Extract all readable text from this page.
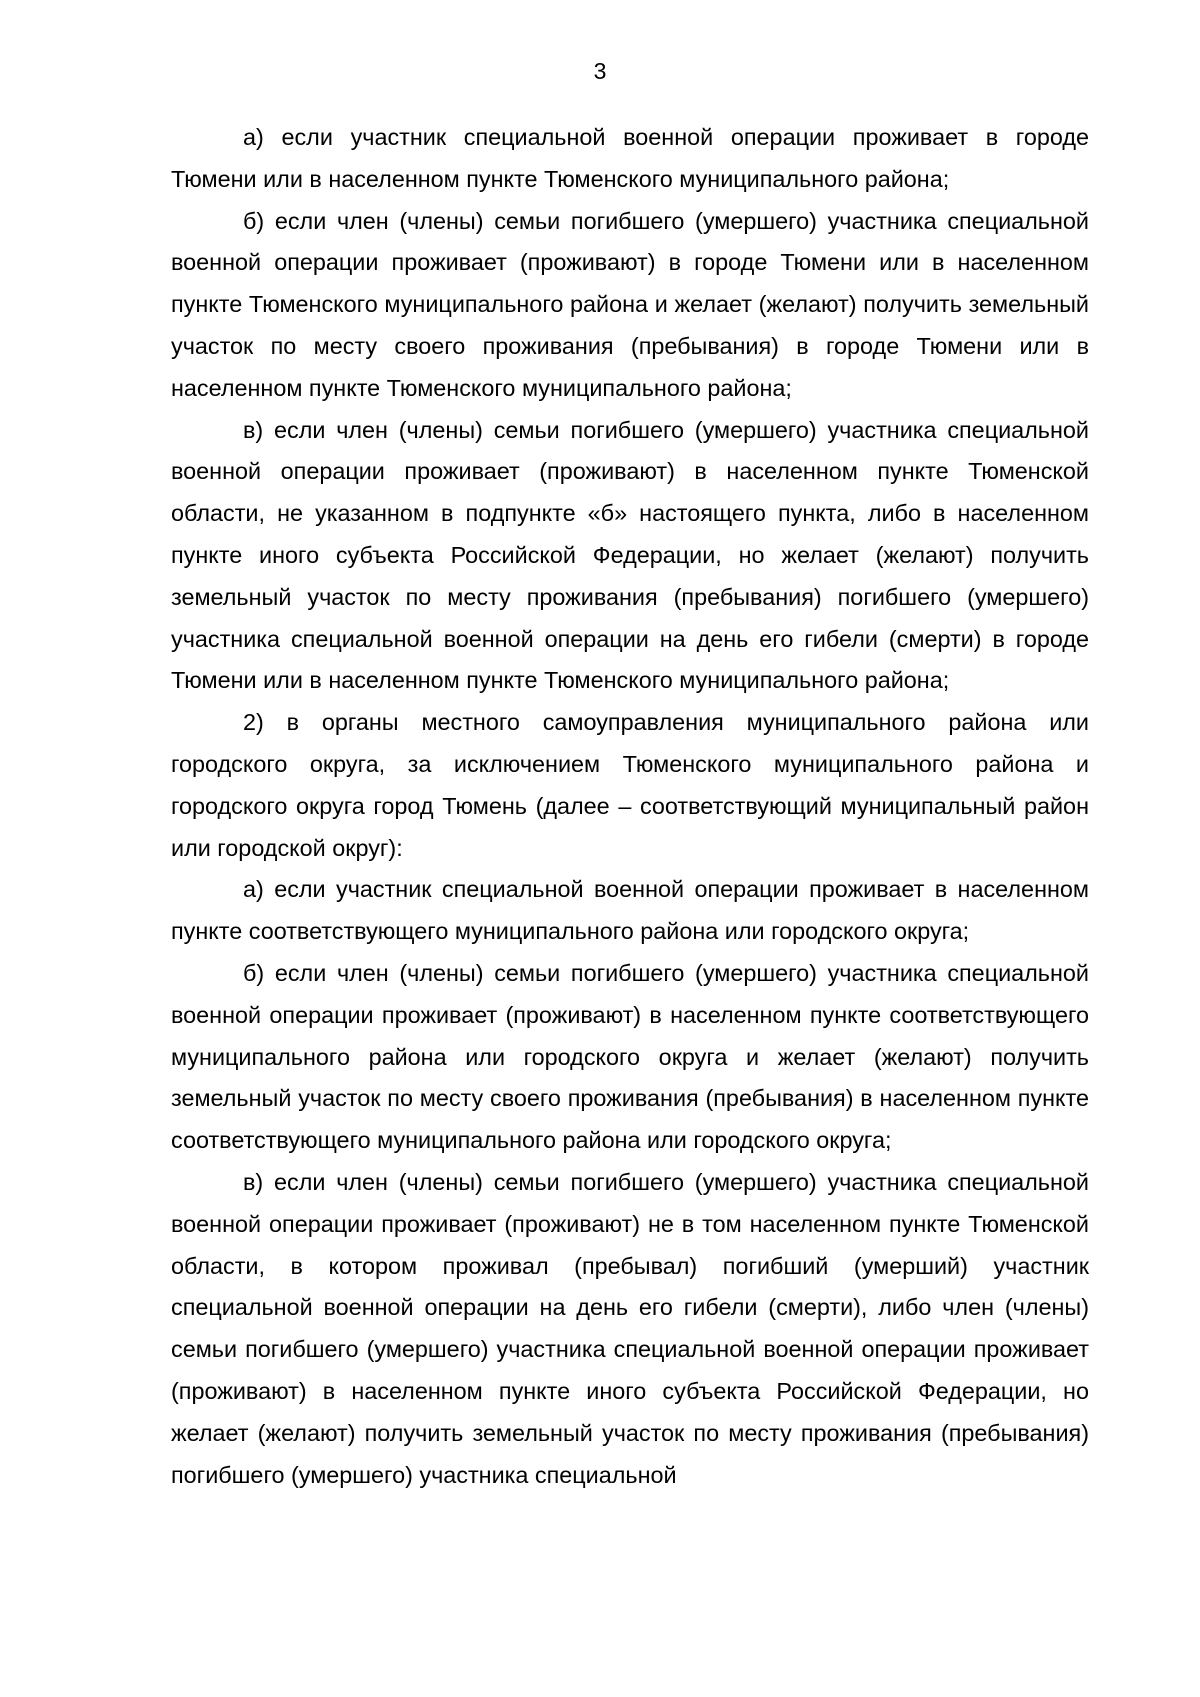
3

а) если участник специальной военной операции проживает в городе Тюмени или в населенном пункте Тюменского муниципального района;

б) если член (члены) семьи погибшего (умершего) участника специальной военной операции проживает (проживают) в городе Тюмени или в населенном пункте Тюменского муниципального района и желает (желают) получить земельный участок по месту своего проживания (пребывания) в городе Тюмени или в населенном пункте Тюменского муниципального района;

в) если член (члены) семьи погибшего (умершего) участника специальной военной операции проживает (проживают) в населенном пункте Тюменской области, не указанном в подпункте «б» настоящего пункта, либо в населенном пункте иного субъекта Российской Федерации, но желает (желают) получить земельный участок по месту проживания (пребывания) погибшего (умершего) участника специальной военной операции на день его гибели (смерти) в городе Тюмени или в населенном пункте Тюменского муниципального района;

2) в органы местного самоуправления муниципального района или городского округа, за исключением Тюменского муниципального района и городского округа город Тюмень (далее – соответствующий муниципальный район или городской округ):

а) если участник специальной военной операции проживает в населенном пункте соответствующего муниципального района или городского округа;

б) если член (члены) семьи погибшего (умершего) участника специальной военной операции проживает (проживают) в населенном пункте соответствующего муниципального района или городского округа и желает (желают) получить земельный участок по месту своего проживания (пребывания) в населенном пункте соответствующего муниципального района или городского округа;

в) если член (члены) семьи погибшего (умершего) участника специальной военной операции проживает (проживают) не в том населенном пункте Тюменской области, в котором проживал (пребывал) погибший (умерший) участник специальной военной операции на день его гибели (смерти), либо член (члены) семьи погибшего (умершего) участника специальной военной операции проживает (проживают) в населенном пункте иного субъекта Российской Федерации, но желает (желают) получить земельный участок по месту проживания (пребывания) погибшего (умершего) участника специальной
